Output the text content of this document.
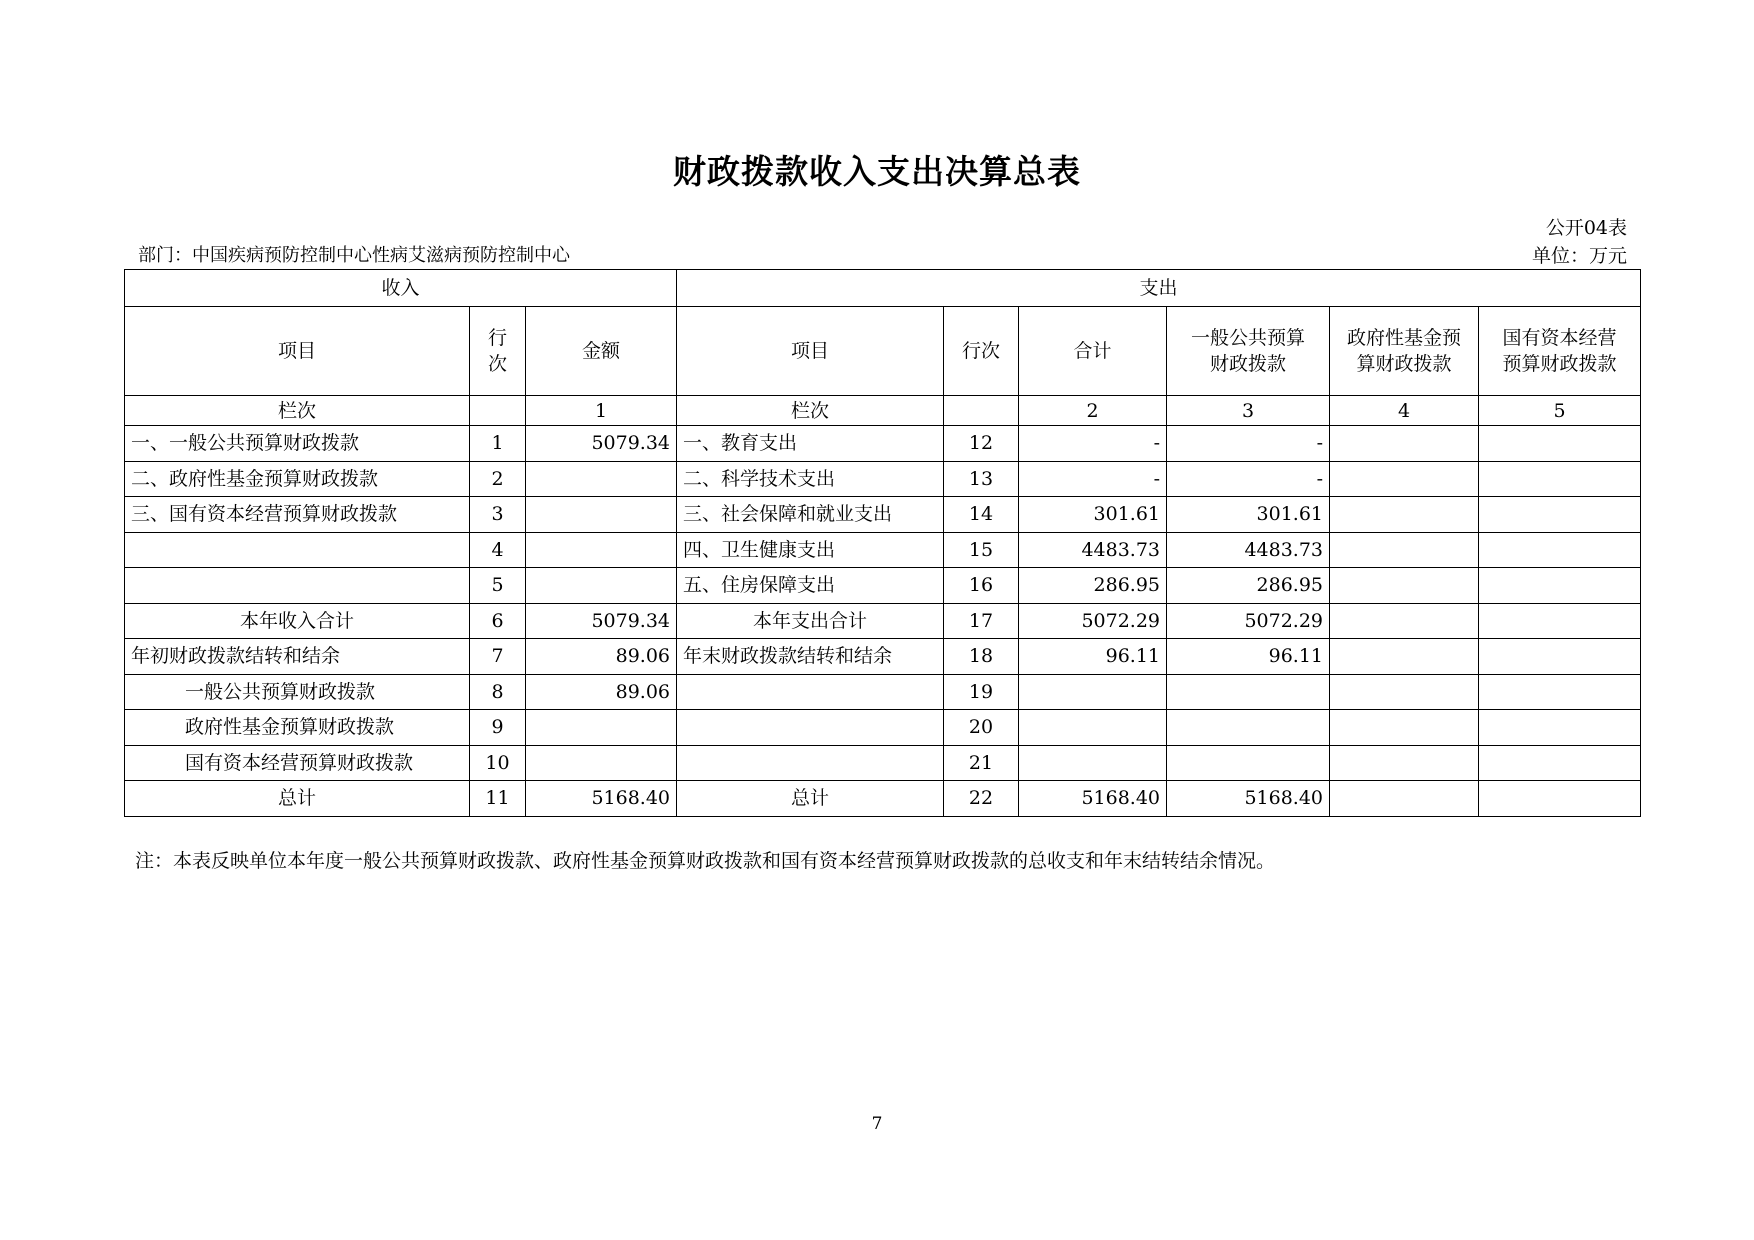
财政拨款收入支出决算总表
公开04表
部门：中国疾病预防控制中心性病艾滋病预防控制中心	单位：万元
收入			支出					
项目	行次	金额	项目	行次	合计	一般公共预算财政拨款	政府性基金预算财政拨款	国有资本经营预算财政拨款
栏次		1	栏次		2	3	4	5
一、一般公共预算财政拨款	1	5079.34	一、教育支出	12	-	-		
二、政府性基金预算财政拨款	2		二、科学技术支出	13	-	-		
三、国有资本经营预算财政拨款	3		三、社会保障和就业支出	14	301.61	301.61		
	4		四、卫生健康支出	15	4483.73	4483.73		
	5		五、住房保障支出	16	286.95	286.95		
本年收入合计	6	5079.34	本年支出合计	17	5072.29	5072.29		
年初财政拨款结转和结余	7	89.06	年末财政拨款结转和结余	18	96.11	96.11		
一般公共预算财政拨款	8	89.06		19				
政府性基金预算财政拨款	9			20				
国有资本经营预算财政拨款	10			21				
总计	11	5168.40	总计	22	5168.40	5168.40		
注：本表反映单位本年度一般公共预算财政拨款、政府性基金预算财政拨款和国有资本经营预算财政拨款的总收支和年末结转结余情况。
7
